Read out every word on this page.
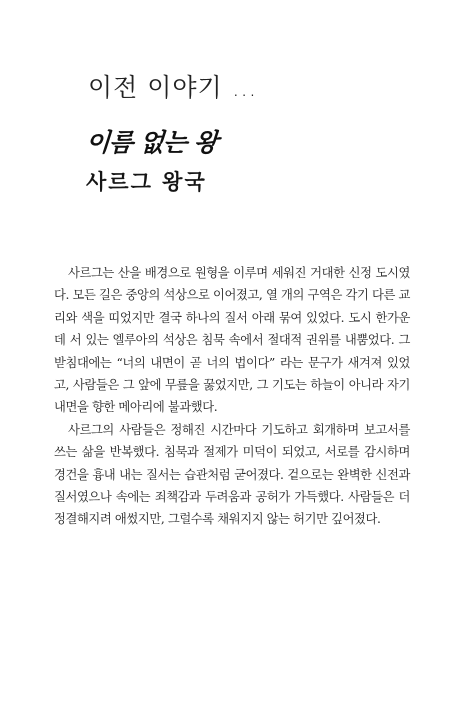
이전 이야기 …
이름 없는 왕
사르그 왕국

사르그는 산을 배경으로 원형을 이루며 세워진 거대한 신정 도시였다. 모든 길은 중앙의 석상으로 이어졌고, 열 개의 구역은 각기 다른 교리와 색을 띠었지만 결국 하나의 질서 아래 묶여 있었다. 도시 한가운데 서 있는 엘루아의 석상은 침묵 속에서 절대적 권위를 내뿜었다. 그 받침대에는 “너의 내면이 곧 너의 법이다” 라는 문구가 새겨져 있었고, 사람들은 그 앞에 무릎을 꿇었지만, 그 기도는 하늘이 아니라 자기 내면을 향한 메아리에 불과했다.

사르그의 사람들은 정해진 시간마다 기도하고 회개하며 보고서를 쓰는 삶을 반복했다. 침묵과 절제가 미덕이 되었고, 서로를 감시하며 경건을 흉내 내는 질서는 습관처럼 굳어졌다. 겉으로는 완벽한 신전과 질서였으나 속에는 죄책감과 두려움과 공허가 가득했다. 사람들은 더 정결해지려 애썼지만, 그럴수록 채워지지 않는 허기만 깊어졌다.
